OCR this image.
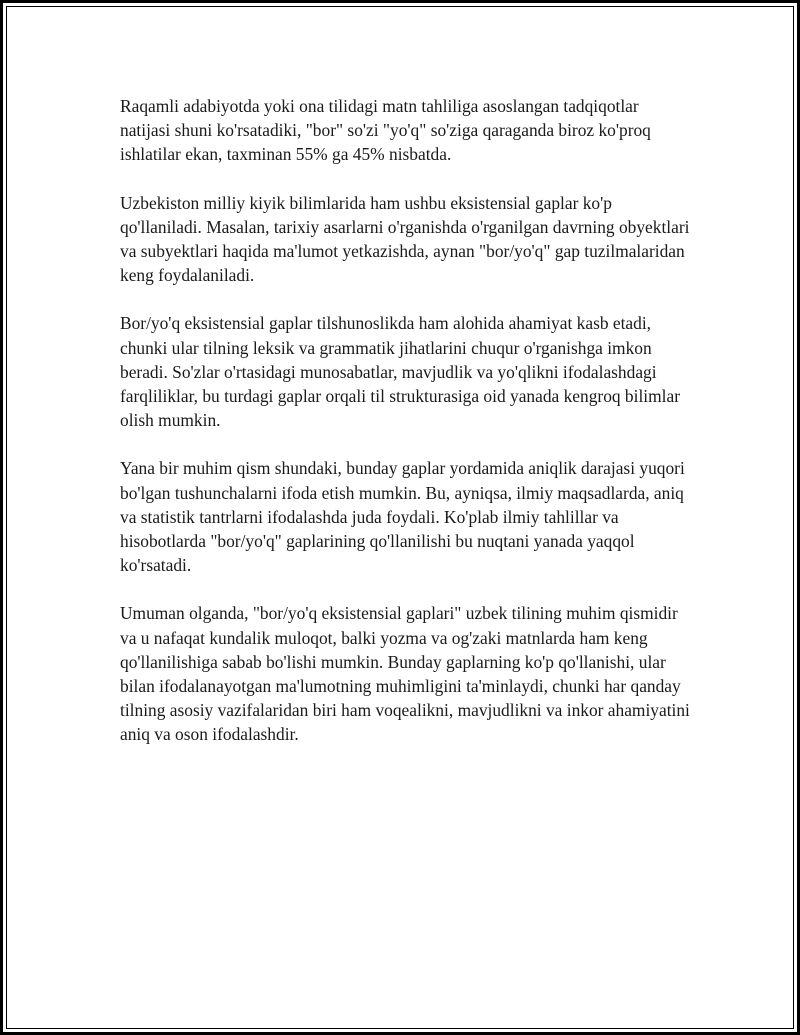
Raqamli adabiyotda yoki ona tilidagi matn tahliliga asoslangan tadqiqotlar natijasi shuni ko'rsatadiki, "bor" so'zi "yo'q" so'ziga qaraganda biroz ko'proq ishlatilar ekan, taxminan 55% ga 45% nisbatda.

Uzbekiston milliy kiyik bilimlarida ham ushbu eksistensial gaplar ko'p qo'llaniladi. Masalan, tarixiy asarlarni o'rganishda o'rganilgan davrning obyektlari va subyektlari haqida ma'lumot yetkazishda, aynan "bor/yo'q" gap tuzilmalaridan keng foydalaniladi.

Bor/yo'q eksistensial gaplar tilshunoslikda ham alohida ahamiyat kasb etadi, chunki ular tilning leksik va grammatik jihatlarini chuqur o'rganishga imkon beradi. So'zlar o'rtasidagi munosabatlar, mavjudlik va yo'qlikni ifodalashdagi farqliliklar, bu turdagi gaplar orqali til strukturasiga oid yanada kengroq bilimlar olish mumkin.

Yana bir muhim qism shundaki, bunday gaplar yordamida aniqlik darajasi yuqori bo'lgan tushunchalarni ifoda etish mumkin. Bu, ayniqsa, ilmiy maqsadlarda, aniq va statistik tantrlarni ifodalashda juda foydali. Ko'plab ilmiy tahlillar va hisobotlarda "bor/yo'q" gaplarining qo'llanilishi bu nuqtani yanada yaqqol ko'rsatadi.

Umuman olganda, "bor/yo'q eksistensial gaplari" uzbek tilining muhim qismidir va u nafaqat kundalik muloqot, balki yozma va og'zaki matnlarda ham keng qo'llanilishiga sabab bo'lishi mumkin. Bunday gaplarning ko'p qo'llanishi, ular bilan ifodalanayotgan ma'lumotning muhimligini ta'minlaydi, chunki har qanday tilning asosiy vazifalaridan biri ham voqealikni, mavjudlikni va inkor ahamiyatini aniq va oson ifodalashdir.
